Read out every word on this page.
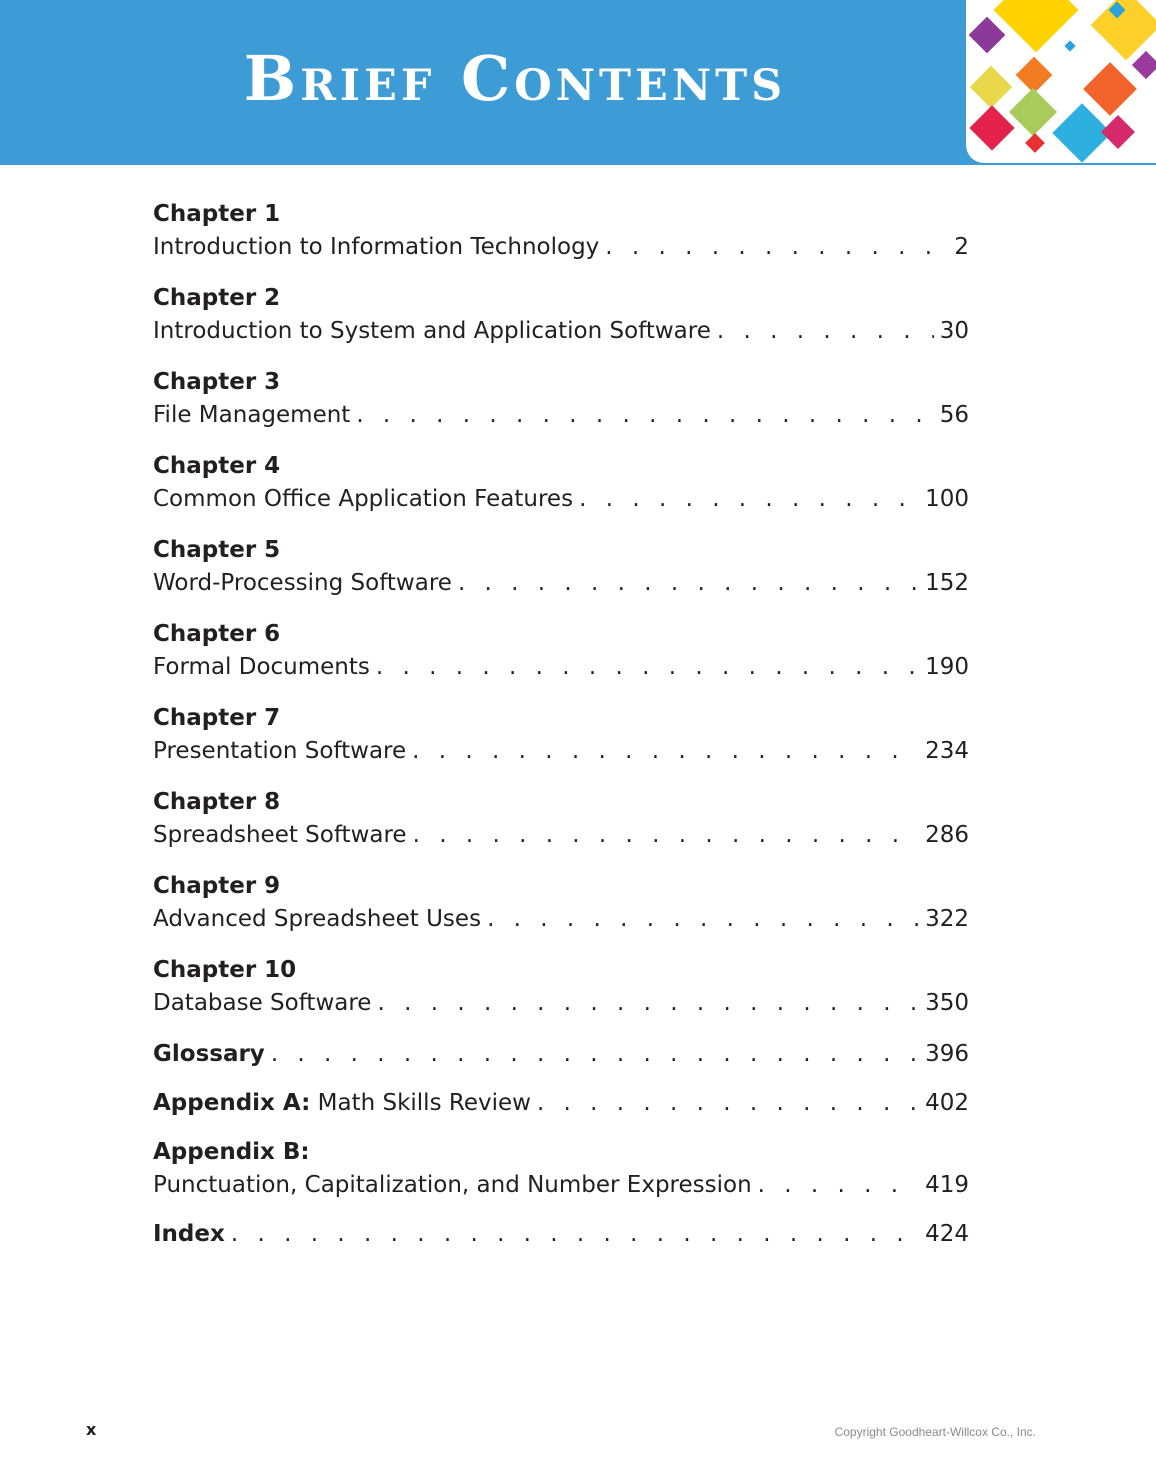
Brief Contents
Chapter 1
Introduction to Information Technology . . .	2
Chapter 2
Introduction to System and Application Software . . .	30
Chapter 3
File Management . . .	56
Chapter 4
Common Office Application Features . . .	100
Chapter 5
Word-Processing Software . . .	152
Chapter 6
Formal Documents . . .	190
Chapter 7
Presentation Software . . .	234
Chapter 8
Spreadsheet Software . . .	286
Chapter 9
Advanced Spreadsheet Uses . . .	322
Chapter 10
Database Software . . .	350
Glossary . . .	396
Appendix A: Math Skills Review . . .	402
Appendix B:
Punctuation, Capitalization, and Number Expression . . .	419
Index . . .	424
x	Copyright Goodheart-Willcox Co., Inc.
